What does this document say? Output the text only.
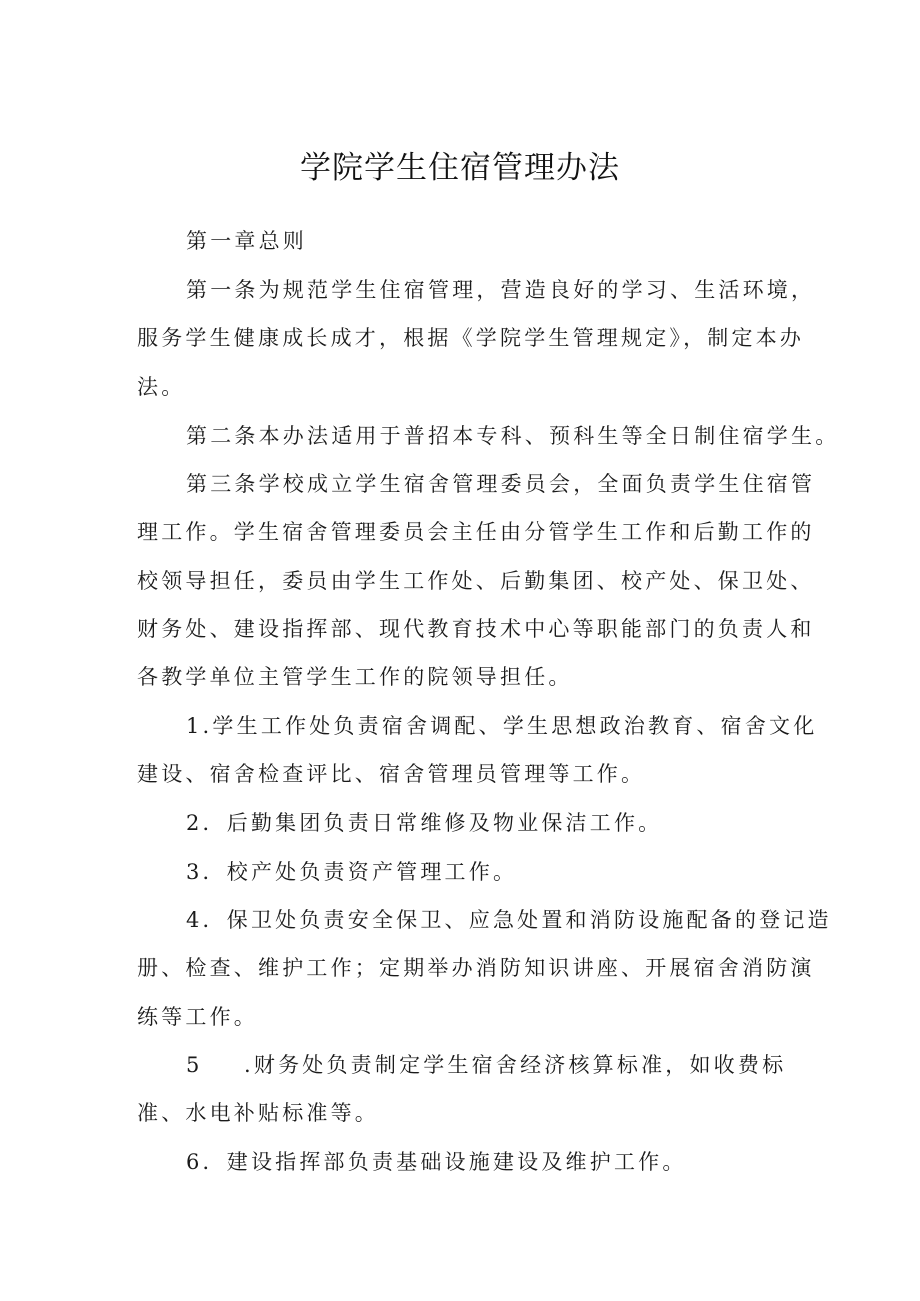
学院学生住宿管理办法
第一章总则
第一条为规范学生住宿管理，营造良好的学习、生活环境，
服务学生健康成长成才，根据《学院学生管理规定》，制定本办
法。
第二条本办法适用于普招本专科、预科生等全日制住宿学生。
第三条学校成立学生宿舍管理委员会，全面负责学生住宿管
理工作。学生宿舍管理委员会主任由分管学生工作和后勤工作的
校领导担任，委员由学生工作处、后勤集团、校产处、保卫处、
财务处、建设指挥部、现代教育技术中心等职能部门的负责人和
各教学单位主管学生工作的院领导担任。
1.学生工作处负责宿舍调配、学生思想政治教育、宿舍文化
建设、宿舍检查评比、宿舍管理员管理等工作。
2．后勤集团负责日常维修及物业保洁工作。
3．校产处负责资产管理工作。
4．保卫处负责安全保卫、应急处置和消防设施配备的登记造
册、检查、维护工作；定期举办消防知识讲座、开展宿舍消防演
练等工作。
5 .财务处负责制定学生宿舍经济核算标准，如收费标
准、水电补贴标准等。
6．建设指挥部负责基础设施建设及维护工作。
